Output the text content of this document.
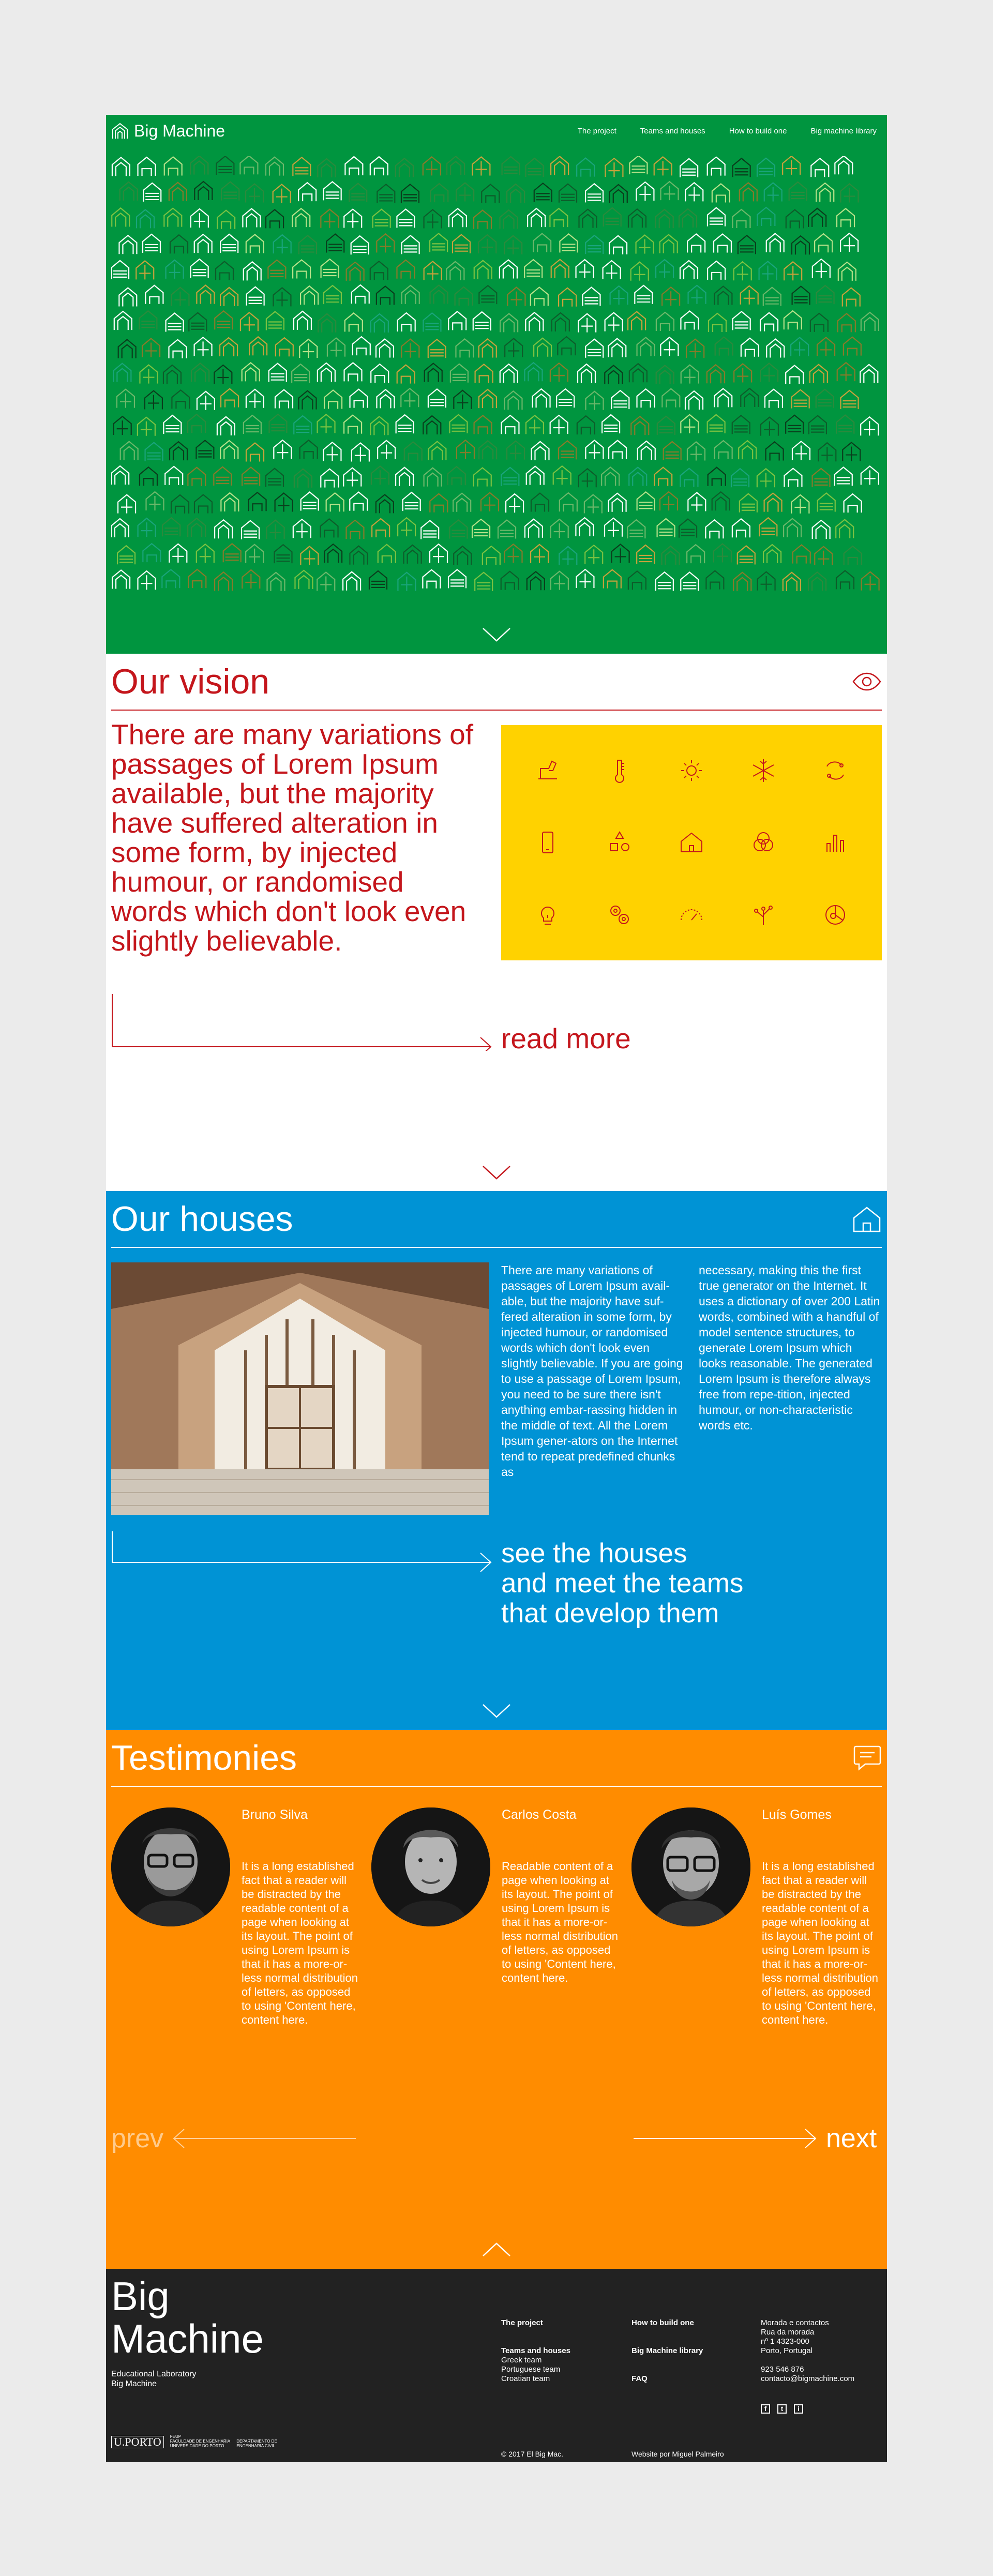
Big Machine	The project	Teams and houses	How to build one	Big machine library
Our vision

There are many variations of passages of Lorem Ipsum available, but the majority have suffered alteration in some form, by injected humour, or randomised words which don't look even slightly believable.

read more
Our houses

There are many variations of passages of Lorem Ipsum avail-able, but the majority have suf-fered alteration in some form, by injected humour, or randomised words which don't look even slightly believable. If you are going to use a passage of Lorem Ipsum, you need to be sure there isn't anything embar-rassing hidden in the middle of text. All the Lorem Ipsum gener-ators on the Internet tend to repeat predefined chunks as

necessary, making this the first true generator on the Internet. It uses a dictionary of over 200 Latin words, combined with a handful of model sentence structures, to generate Lorem Ipsum which looks reasonable. The generated Lorem Ipsum is therefore always free from repe-tition, injected humour, or non-characteristic words etc.

see the houses
and meet the teams
that develop them
Testimonies
Bruno Silva

It is a long established fact that a reader will be distracted by the readable content of a page when looking at its layout. The point of using Lorem Ipsum is that it has a more-or-less normal distribution of letters, as opposed to using 'Content here, content here.

Carlos Costa

Readable content of a page when looking at its layout. The point of using Lorem Ipsum is that it has a more-or-less normal distribution of letters, as opposed to using 'Content here, content here.

Luís Gomes

It is a long established fact that a reader will be distracted by the readable content of a page when looking at its layout. The point of using Lorem Ipsum is that it has a more-or-less normal distribution of letters, as opposed to using 'Content here, content here.

prev	next
Big
Machine
Educational Laboratory
Big Machine
The project
Teams and houses
Greek team
Portuguese team
Croatian team
How to build one
Big Machine library
FAQ
Morada e contactos
Rua da morada
nº 1 4323-000
Porto, Portugal
923 546 876
contacto@bigmachine.com
f	t	i
U.PORTO	FEUP
FACULDADE DE ENGENHARIA
UNIVERSIDADE DO PORTO
DEPARTAMENTO DE
ENGENHARIA CIVIL
© 2017 El Big Mac.	Website por Miguel Palmeiro
